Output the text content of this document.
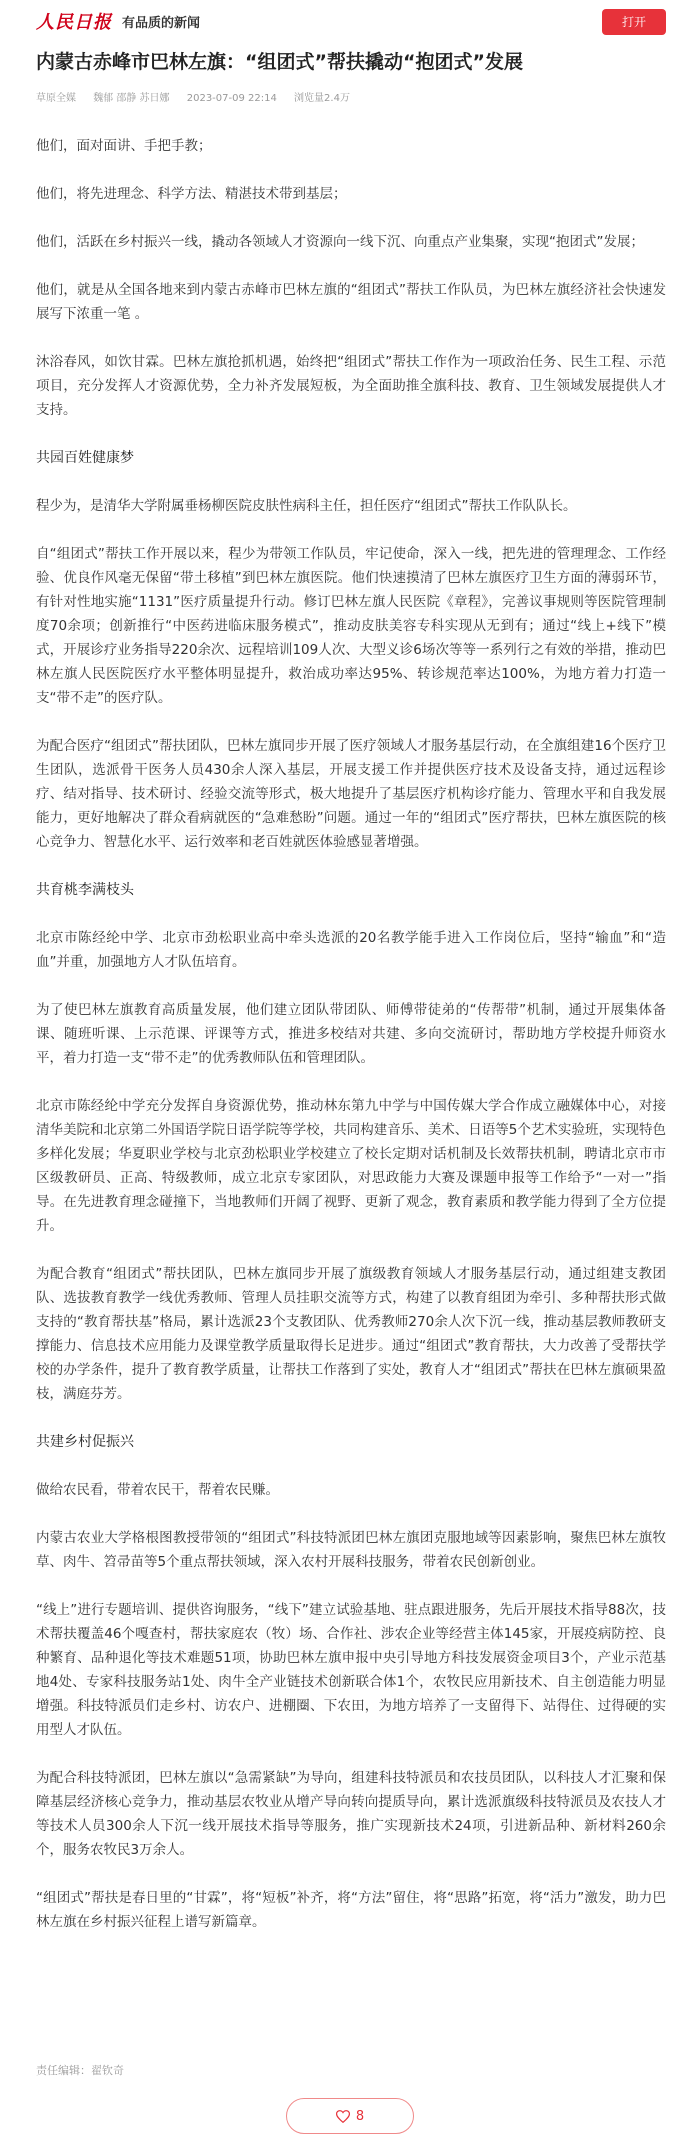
人民日报 有品质的新闻	打开
内蒙古赤峰市巴林左旗：“组团式”帮扶撬动“抱团式”发展
草原全媒 魏郁 邵静 苏日娜 2023-07-09 22:14 浏览量2.4万
他们，面对面讲、手把手教；
他们，将先进理念、科学方法、精湛技术带到基层；
他们，活跃在乡村振兴一线，撬动各领域人才资源向一线下沉、向重点产业集聚，实现“抱团式”发展；
他们，就是从全国各地来到内蒙古赤峰市巴林左旗的“组团式”帮扶工作队员，为巴林左旗经济社会快速发展写下浓重一笔 。
沐浴春风，如饮甘霖。巴林左旗抢抓机遇，始终把“组团式”帮扶工作作为一项政治任务、民生工程、示范项目，充分发挥人才资源优势，全力补齐发展短板，为全面助推全旗科技、教育、卫生领域发展提供人才支持。
共园百姓健康梦
程少为，是清华大学附属垂杨柳医院皮肤性病科主任，担任医疗“组团式”帮扶工作队队长。
自“组团式”帮扶工作开展以来，程少为带领工作队员，牢记使命，深入一线，把先进的管理理念、工作经验、优良作风毫无保留“带土移植”到巴林左旗医院。他们快速摸清了巴林左旗医疗卫生方面的薄弱环节，有针对性地实施“1131”医疗质量提升行动。修订巴林左旗人民医院《章程》，完善议事规则等医院管理制度70余项；创新推行“中医药进临床服务模式”，推动皮肤美容专科实现从无到有；通过“线上+线下”模式，开展诊疗业务指导220余次、远程培训109人次、大型义诊6场次等等一系列行之有效的举措，推动巴林左旗人民医院医疗水平整体明显提升，救治成功率达95%、转诊规范率达100%，为地方着力打造一支“带不走”的医疗队。
为配合医疗“组团式”帮扶团队，巴林左旗同步开展了医疗领域人才服务基层行动，在全旗组建16个医疗卫生团队，选派骨干医务人员430余人深入基层，开展支援工作并提供医疗技术及设备支持，通过远程诊疗、结对指导、技术研讨、经验交流等形式，极大地提升了基层医疗机构诊疗能力、管理水平和自我发展能力，更好地解决了群众看病就医的“急难愁盼”问题。通过一年的“组团式”医疗帮扶，巴林左旗医院的核心竞争力、智慧化水平、运行效率和老百姓就医体验感显著增强。
共育桃李满枝头
北京市陈经纶中学、北京市劲松职业高中牵头选派的20名教学能手进入工作岗位后，坚持“输血”和“造血”并重，加强地方人才队伍培育。
为了使巴林左旗教育高质量发展，他们建立团队带团队、师傅带徒弟的“传帮带”机制，通过开展集体备课、随班听课、上示范课、评课等方式，推进多校结对共建、多向交流研讨，帮助地方学校提升师资水平，着力打造一支“带不走”的优秀教师队伍和管理团队。
北京市陈经纶中学充分发挥自身资源优势，推动林东第九中学与中国传媒大学合作成立融媒体中心，对接清华美院和北京第二外国语学院日语学院等学校，共同构建音乐、美术、日语等5个艺术实验班，实现特色多样化发展；华夏职业学校与北京劲松职业学校建立了校长定期对话机制及长效帮扶机制，聘请北京市市区级教研员、正高、特级教师，成立北京专家团队，对思政能力大赛及课题申报等工作给予“一对一”指导。在先进教育理念碰撞下，当地教师们开阔了视野、更新了观念，教育素质和教学能力得到了全方位提升。
为配合教育“组团式”帮扶团队，巴林左旗同步开展了旗级教育领域人才服务基层行动，通过组建支教团队、选拔教育教学一线优秀教师、管理人员挂职交流等方式，构建了以教育组团为牵引、多种帮扶形式做支持的“教育帮扶基”格局，累计选派23个支教团队、优秀教师270余人次下沉一线，推动基层教师教研支撑能力、信息技术应用能力及课堂教学质量取得长足进步。通过“组团式”教育帮扶，大力改善了受帮扶学校的办学条件，提升了教育教学质量，让帮扶工作落到了实处，教育人才“组团式”帮扶在巴林左旗硕果盈枝，满庭芬芳。
共建乡村促振兴
做给农民看，带着农民干，帮着农民赚。
内蒙古农业大学格根图教授带领的“组团式”科技特派团巴林左旗团克服地域等因素影响，聚焦巴林左旗牧草、肉牛、笤帚苗等5个重点帮扶领域，深入农村开展科技服务，带着农民创新创业。
“线上”进行专题培训、提供咨询服务，“线下”建立试验基地、驻点跟进服务，先后开展技术指导88次，技术帮扶覆盖46个嘎查村，帮扶家庭农（牧）场、合作社、涉农企业等经营主体145家，开展疫病防控、良种繁育、品种退化等技术难题51项，协助巴林左旗申报中央引导地方科技发展资金项目3个，产业示范基地4处、专家科技服务站1处、肉牛全产业链技术创新联合体1个，农牧民应用新技术、自主创造能力明显增强。科技特派员们走乡村、访农户、进棚圈、下农田，为地方培养了一支留得下、站得住、过得硬的实用型人才队伍。
为配合科技特派团，巴林左旗以“急需紧缺”为导向，组建科技特派员和农技员团队，以科技人才汇聚和保障基层经济核心竞争力，推动基层农牧业从增产导向转向提质导向，累计选派旗级科技特派员及农技人才等技术人员300余人下沉一线开展技术指导等服务，推广实现新技术24项，引进新品种、新材料260余个，服务农牧民3万余人。
“组团式”帮扶是春日里的“甘霖”，将“短板”补齐，将“方法”留住，将“思路”拓宽，将“活力”激发，助力巴林左旗在乡村振兴征程上谱写新篇章。
责任编辑：翟钦奇
8
